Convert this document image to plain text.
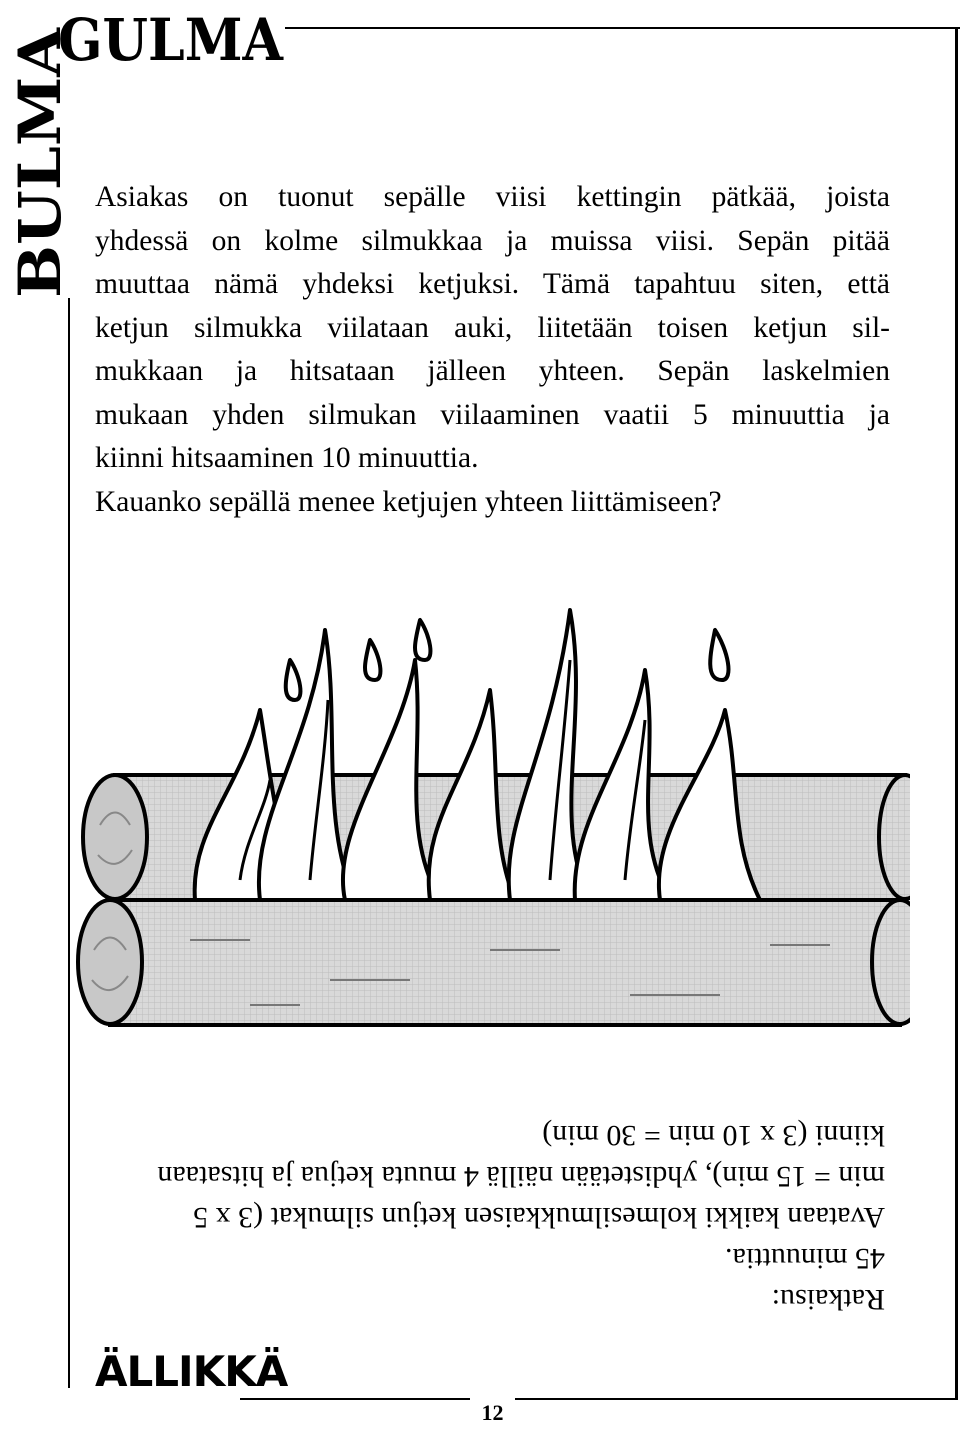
BULMA
GULMA
Asiakas on tuonut sepälle viisi kettingin pätkää, joista
yhdessä on kolme silmukkaa ja muissa viisi. Sepän pitää
muuttaa nämä yhdeksi ketjuksi. Tämä tapahtuu siten, että
ketjun silmukka viilataan auki, liitetään toisen ketjun sil-
mukkaan ja hitsataan jälleen yhteen. Sepän laskelmien
mukaan yhden silmukan viilaaminen vaatii 5 minuuttia ja
kiinni hitsaaminen 10 minuuttia.
Kauanko sepällä menee ketjujen yhteen liittämiseen?
Ratkaisu:
45 minuuttia.
Avataan kaikki kolmesilmukkaisen ketjun silmukat (3 x 5
min = 15 min), yhdistetään näillä 4 muuta ketjua ja hitsataan
kiinni (3 x 10 min = 30 min)
ÄLLIKKÄ
12
